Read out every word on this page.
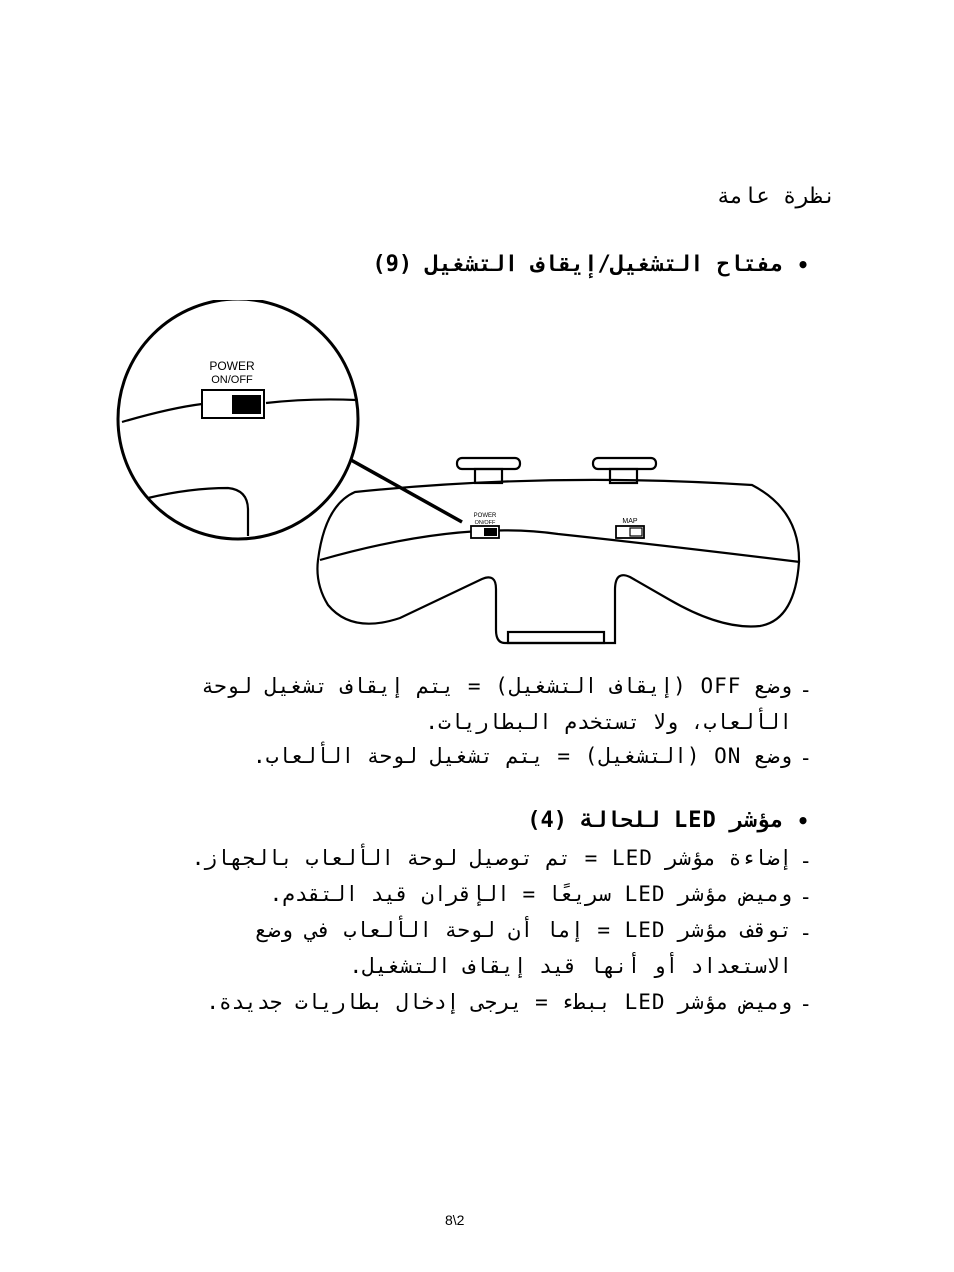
نظرة عامة
•
مفتاح التشغيل/إيقاف التشغيل (9)
POWER
ON/OFF
POWER
ON/OFF	MAP
-
وضع OFF (إيقاف التشغيل) = يتم إيقاف تشغيل لوحة
الألعاب، ولا تستخدم البطاريات.
-
وضع ON (التشغيل) = يتم تشغيل لوحة الألعاب.
•
مؤشر LED للحالة (4)
-
إضاءة مؤشر LED = تم توصيل لوحة الألعاب بالجهاز.
-
وميض مؤشر LED سريعًا = الإقران قيد التقدم.
-
توقف مؤشر LED = إما أن لوحة الألعاب في وضع
الاستعداد أو أنها قيد إيقاف التشغيل.
-
وميض مؤشر LED ببطء = يرجى إدخال بطاريات جديدة.
8\2
